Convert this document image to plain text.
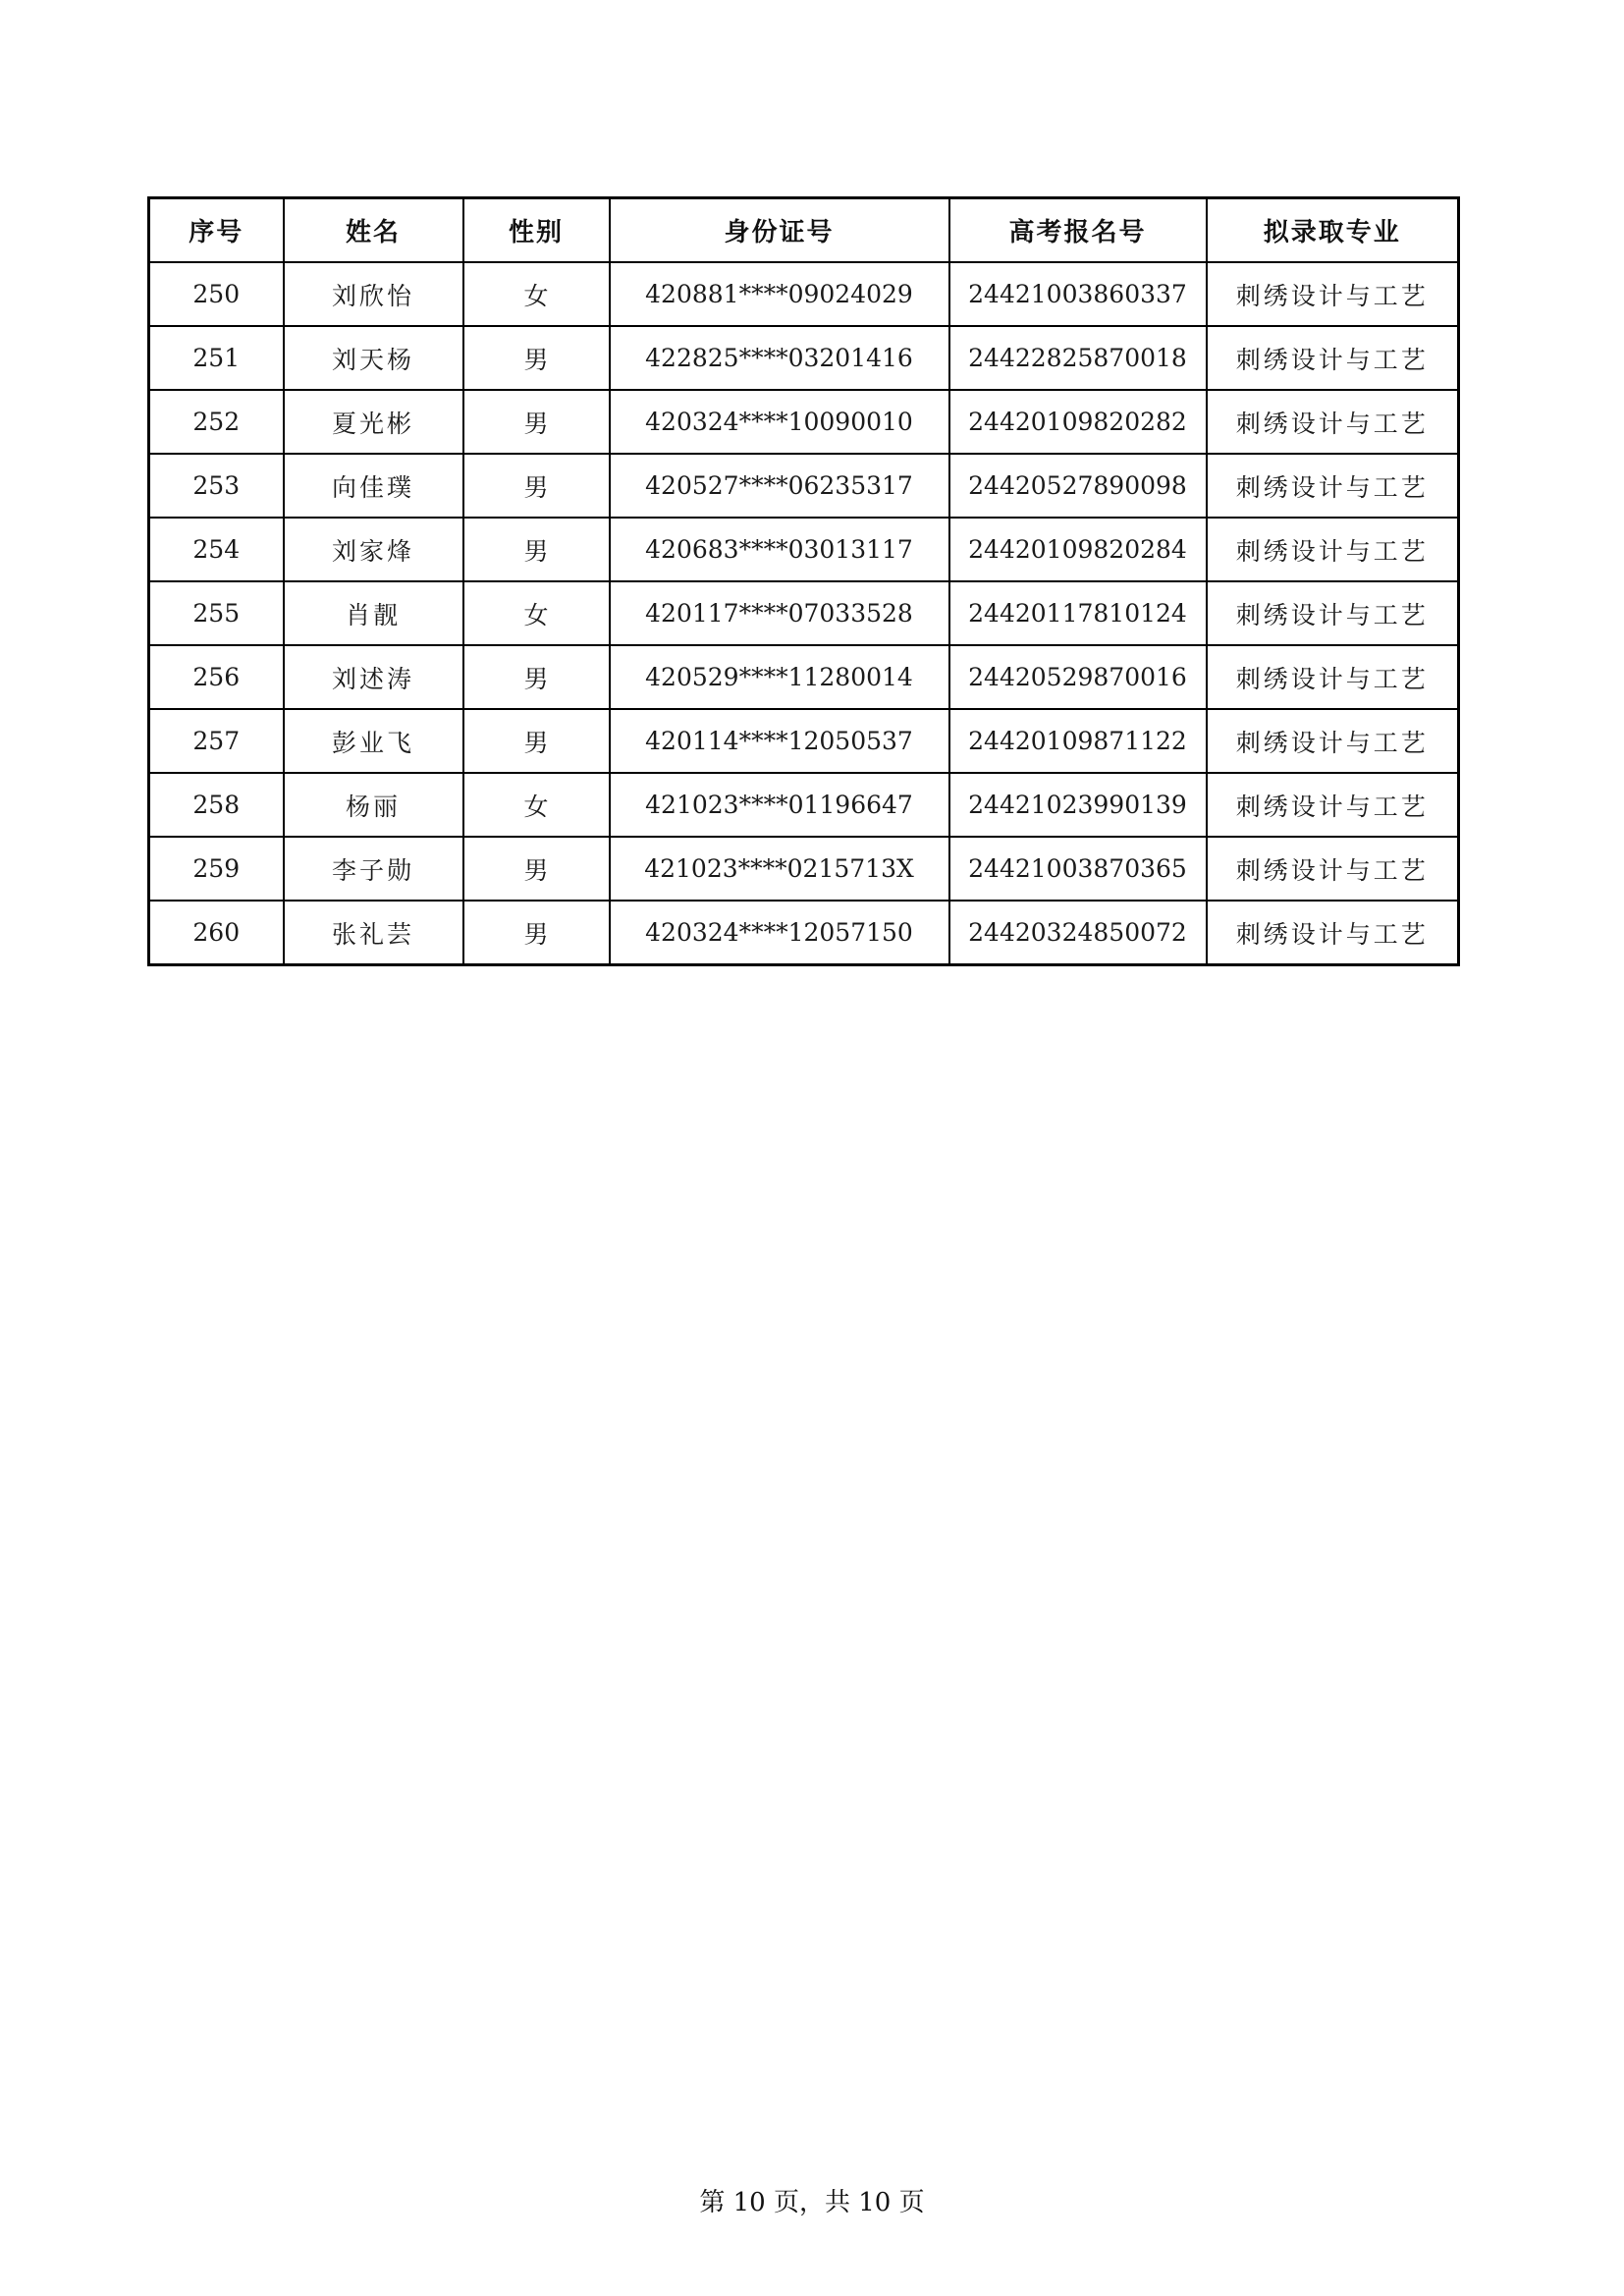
序号	姓名	性别	身份证号	高考报名号	拟录取专业
250	刘欣怡	女	420881****09024029	24421003860337	刺绣设计与工艺
251	刘天杨	男	422825****03201416	24422825870018	刺绣设计与工艺
252	夏光彬	男	420324****10090010	24420109820282	刺绣设计与工艺
253	向佳璞	男	420527****06235317	24420527890098	刺绣设计与工艺
254	刘家烽	男	420683****03013117	24420109820284	刺绣设计与工艺
255	肖靓	女	420117****07033528	24420117810124	刺绣设计与工艺
256	刘述涛	男	420529****11280014	24420529870016	刺绣设计与工艺
257	彭业飞	男	420114****12050537	24420109871122	刺绣设计与工艺
258	杨丽	女	421023****01196647	24421023990139	刺绣设计与工艺
259	李子勋	男	421023****0215713X	24421003870365	刺绣设计与工艺
260	张礼芸	男	420324****12057150	24420324850072	刺绣设计与工艺
第 10 页，共 10 页
